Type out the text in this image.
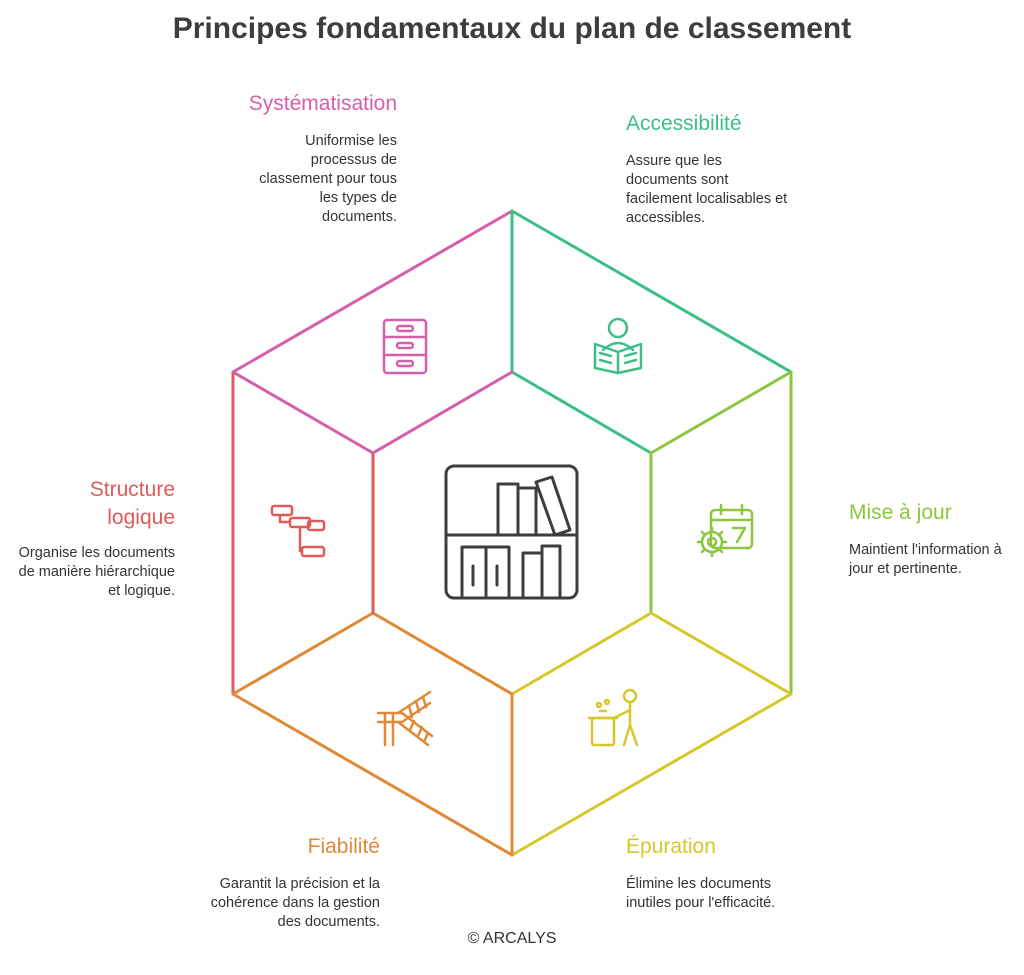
Principes fondamentaux du plan de classement
Systématisation
Uniformise les processus de classement pour tous les types de documents.
Accessibilité
Assure que les documents sont facilement localisables et accessibles.
Mise à jour
Maintient l'information à jour et pertinente.
Épuration
Élimine les documents inutiles pour l'efficacité.
Fiabilité
Garantit la précision et la cohérence dans la gestion des documents.
Structure logique
Organise les documents de manière hiérarchique et logique.
© ARCALYS
